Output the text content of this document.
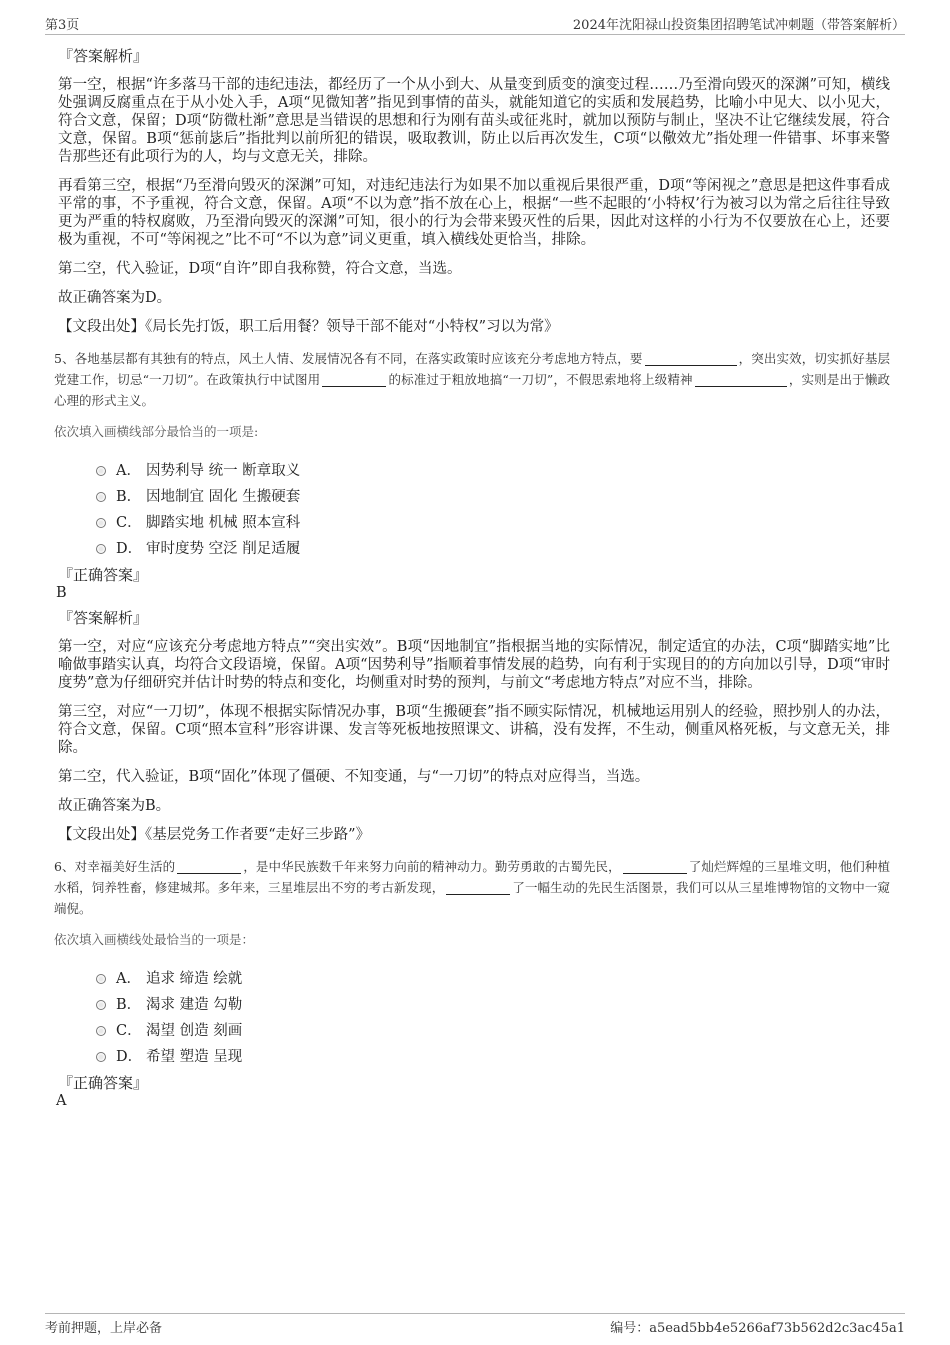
第3页	2024年沈阳禄山投资集团招聘笔试冲刺题（带答案解析）
『答案解析』

第一空，根据“许多落马干部的违纪违法，都经历了一个从小到大、从量变到质变的演变过程……乃至滑向毁灭的深渊”可知，横线处强调反腐重点在于从小处入手，A项“见微知著”指见到事情的苗头，就能知道它的实质和发展趋势，比喻小中见大、以小见大，符合文意，保留；D项“防微杜渐”意思是当错误的思想和行为刚有苗头或征兆时，就加以预防与制止，坚决不让它继续发展，符合文意，保留。B项“惩前毖后”指批判以前所犯的错误，吸取教训，防止以后再次发生，C项“以儆效尤”指处理一件错事、坏事来警告那些还有此项行为的人，均与文意无关，排除。

再看第三空，根据“乃至滑向毁灭的深渊”可知，对违纪违法行为如果不加以重视后果很严重，D项“等闲视之”意思是把这件事看成平常的事，不予重视，符合文意，保留。A项“不以为意”指不放在心上，根据“一些不起眼的‘小特权’行为被习以为常之后往往导致更为严重的特权腐败，乃至滑向毁灭的深渊”可知，很小的行为会带来毁灭性的后果，因此对这样的小行为不仅要放在心上，还要极为重视，不可“等闲视之”比不可“不以为意”词义更重，填入横线处更恰当，排除。

第二空，代入验证，D项“自许”即自我称赞，符合文意，当选。

故正确答案为D。

【文段出处】《局长先打饭，职工后用餐？领导干部不能对“小特权”习以为常》

5、各地基层都有其独有的特点，风土人情、发展情况各有不同，在落实政策时应该充分考虑地方特点，要	，突出实效，切实抓好基层党建工作，切忌“一刀切”。在政策执行中试图用	的标准过于粗放地搞“一刀切”，不假思索地将上级精神	，实则是出于懒政心理的形式主义。

依次填入画横线部分最恰当的一项是:

A． 因势利导 统一 断章取义
B． 因地制宜 固化 生搬硬套
C． 脚踏实地 机械 照本宣科
D． 审时度势 空泛 削足适履

『正确答案』

B

『答案解析』

第一空，对应“应该充分考虑地方特点”“突出实效”。B项“因地制宜”指根据当地的实际情况，制定适宜的办法，C项“脚踏实地”比喻做事踏实认真，均符合文段语境，保留。A项“因势利导”指顺着事情发展的趋势，向有利于实现目的的方向加以引导，D项“审时度势”意为仔细研究并估计时势的特点和变化，均侧重对时势的预判，与前文“考虑地方特点”对应不当，排除。

第三空，对应“一刀切”，体现不根据实际情况办事，B项“生搬硬套”指不顾实际情况，机械地运用别人的经验，照抄别人的办法，符合文意，保留。C项“照本宣科”形容讲课、发言等死板地按照课文、讲稿，没有发挥，不生动，侧重风格死板，与文意无关，排除。

第二空，代入验证，B项“固化”体现了僵硬、不知变通，与“一刀切”的特点对应得当，当选。

故正确答案为B。

【文段出处】《基层党务工作者要“走好三步路”》

6、对幸福美好生活的	，是中华民族数千年来努力向前的精神动力。勤劳勇敢的古蜀先民，	了灿烂辉煌的三星堆文明，他们种植水稻，饲养牲畜，修建城邦。多年来，三星堆层出不穷的考古新发现，	了一幅生动的先民生活图景，我们可以从三星堆博物馆的文物中一窥端倪。

依次填入画横线处最恰当的一项是：

A． 追求 缔造 绘就
B． 渴求 建造 勾勒
C． 渴望 创造 刻画
D． 希望 塑造 呈现

『正确答案』

A

考前押题，上岸必备	编号：a5ead5bb4e5266af73b562d2c3ac45a1
